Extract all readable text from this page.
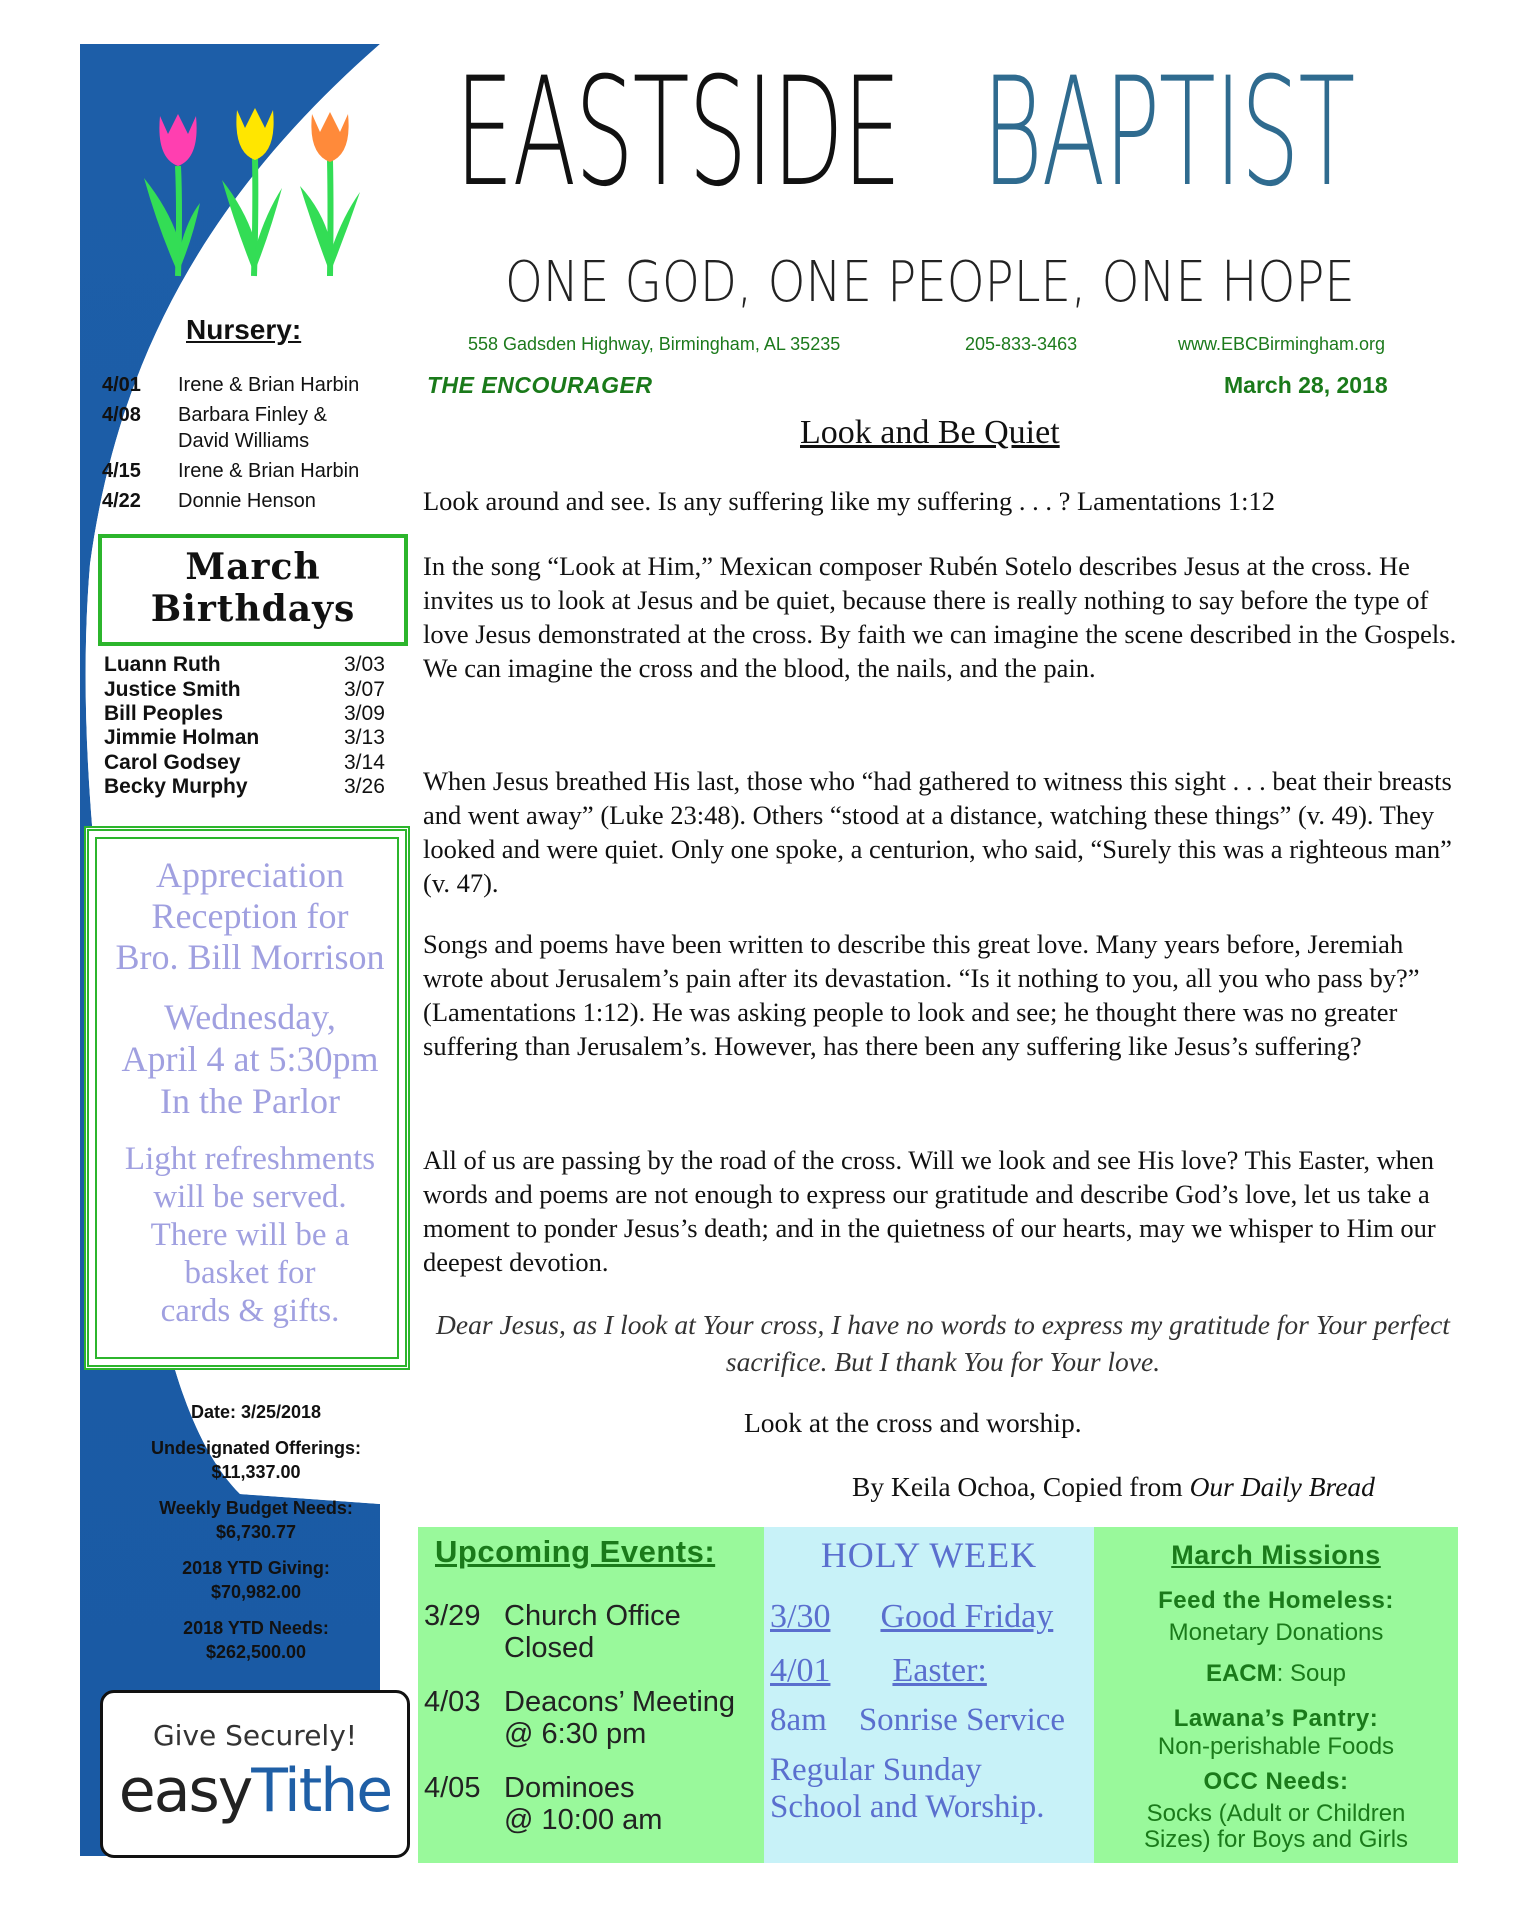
EASTSIDE BAPTIST
ONE GOD, ONE PEOPLE, ONE HOPE
558 Gadsden Highway, Birmingham, AL 35235	205-833-3463	www.EBCBirmingham.org
THE ENCOURAGER	March 28, 2018
Look and Be Quiet
Look around and see. Is any suffering like my suffering . . . ? Lamentations 1:12
In the song “Look at Him,” Mexican composer Rubén Sotelo describes Jesus at the cross. He invites us to look at Jesus and be quiet, because there is really nothing to say before the type of love Jesus demonstrated at the cross. By faith we can imagine the scene described in the Gospels. We can imagine the cross and the blood, the nails, and the pain.
When Jesus breathed His last, those who “had gathered to witness this sight . . . beat their breasts and went away” (Luke 23:48). Others “stood at a distance, watching these things” (v. 49). They looked and were quiet. Only one spoke, a centurion, who said, “Surely this was a righteous man” (v. 47).
Songs and poems have been written to describe this great love. Many years before, Jeremiah wrote about Jerusalem’s pain after its devastation. “Is it nothing to you, all you who pass by?” (Lamentations 1:12). He was asking people to look and see; he thought there was no greater suffering than Jerusalem’s. However, has there been any suffering like Jesus’s suffering?
All of us are passing by the road of the cross. Will we look and see His love? This Easter, when words and poems are not enough to express our gratitude and describe God’s love, let us take a moment to ponder Jesus’s death; and in the quietness of our hearts, may we whisper to Him our deepest devotion.
Dear Jesus, as I look at Your cross, I have no words to express my gratitude for Your perfect sacrifice. But I thank You for Your love.
Look at the cross and worship.
By Keila Ochoa, Copied from Our Daily Bread
Nursery:
4/01 Irene & Brian Harbin
4/08 Barbara Finley &
David Williams
4/15 Irene & Brian Harbin
4/22 Donnie Henson
March
Birthdays
Luann Ruth	3/03
Justice Smith	3/07
Bill Peoples	3/09
Jimmie Holman	3/13
Carol Godsey	3/14
Becky Murphy	3/26
Appreciation
Reception for
Bro. Bill Morrison
Wednesday,
April 4 at 5:30pm
In the Parlor
Light refreshments
will be served.
There will be a
basket for
cards & gifts.
Date: 3/25/2018
Undesignated Offerings:
$11,337.00
Weekly Budget Needs:
$6,730.77
2018 YTD Giving:
$70,982.00
2018 YTD Needs:
$262,500.00
Give Securely!
easyTithe
Upcoming Events:
3/29 Church Office
Closed
4/03 Deacons’ Meeting
@ 6:30 pm
4/05 Dominoes
@ 10:00 am
HOLY WEEK
3/30 Good Friday
4/01 Easter:
8am Sonrise Service
Regular Sunday
School and Worship.
March Missions
Feed the Homeless:
Monetary Donations
EACM: Soup
Lawana’s Pantry:
Non-perishable Foods
OCC Needs:
Socks (Adult or Children
Sizes) for Boys and Girls
